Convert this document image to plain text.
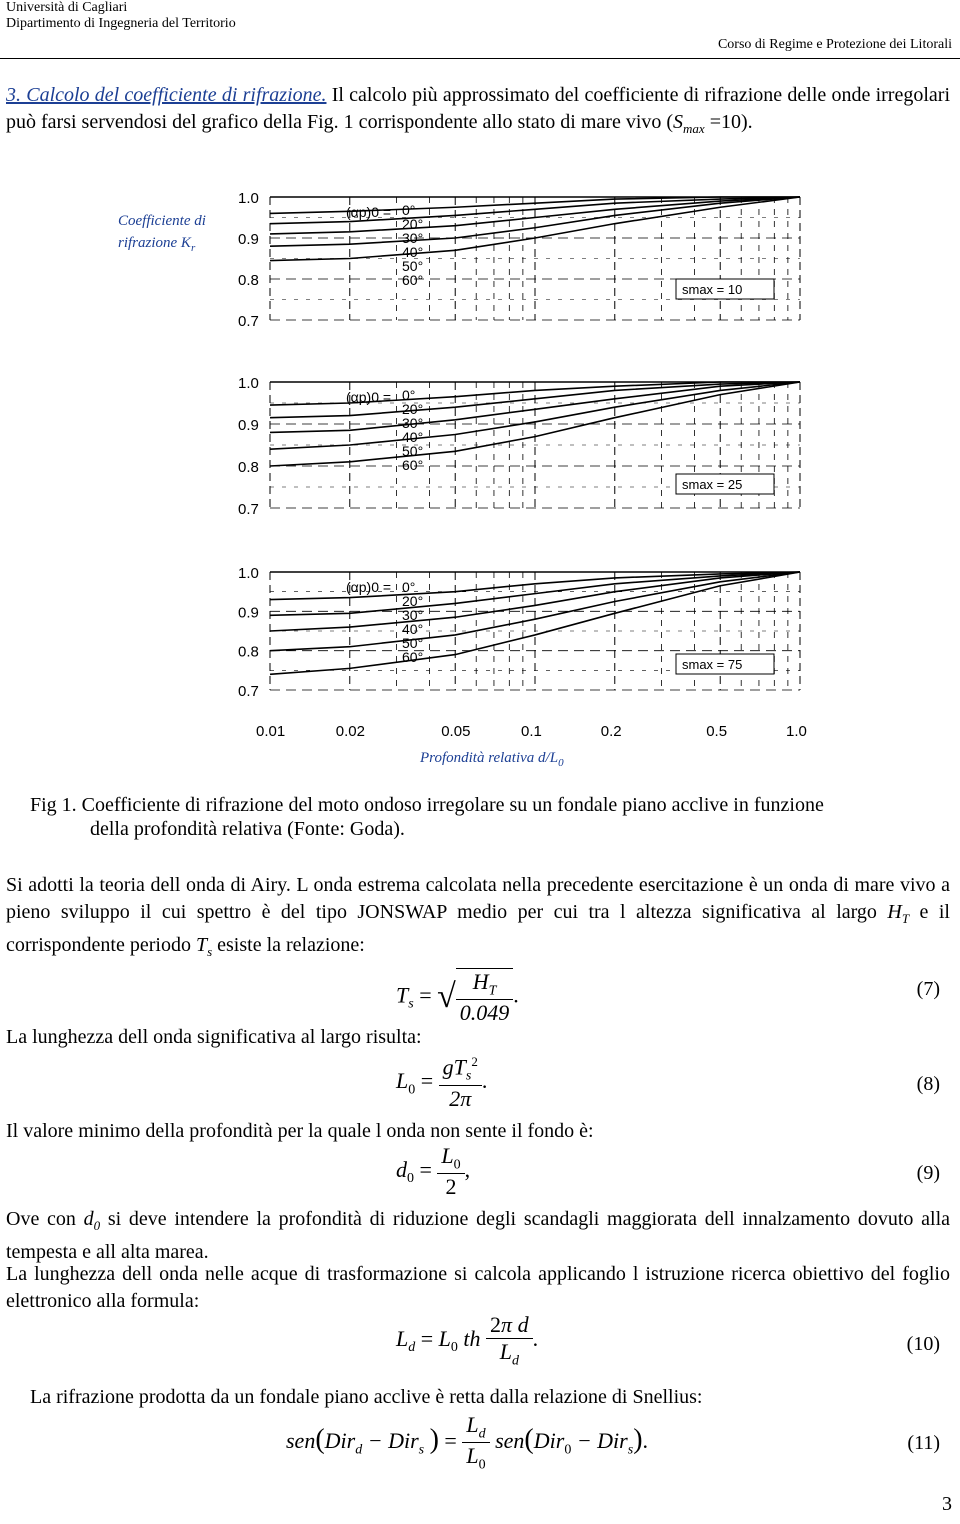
Università di Cagliari
Dipartimento di Ingegneria del Territorio
Corso di Regime e Protezione dei Litorali
3. Calcolo del coefficiente di rifrazione. Il calcolo più approssimato del coefficiente di rifrazione delle onde irregolari può farsi servendosi del grafico della Fig. 1 corrispondente allo stato di mare vivo $(S_{max} =10)$.
Coefficiente di
rifrazione $K_r$
1.0
0.9
0.8
0.7
0°
20°
30°
40°
50°
60°
(αp)0 =
smax = 10
1.0
0.9
0.8
0.7
0°
20°
30°
40°
50°
60°
(αp)0 =
smax = 25
1.0
0.9
0.8
0.7
0°
20°
30°
40°
50°
60°
(αp)0 =
smax = 75
0.01	0.02	0.05	0.1	0.2	0.5	1.0
Profondità relativa $d/L_0$
Fig 1. Coefficiente di rifrazione del moto ondoso irregolare su un fondale piano acclive in funzione
della profondità relativa (Fonte: Goda).
Si adotti la teoria dell onda di Airy. L onda estrema calcolata nella precedente esercitazione è un onda di mare vivo a pieno sviluppo il cui spettro è del tipo JONSWAP medio per cui tra l altezza significativa al largo $H_T$ e il corrispondente periodo $T_s$ esiste la relazione:
$T_s$ = √ $\frac{H_T}{0.049}$ .	(7)
La lunghezza dell onda significativa al largo risulta:
$L_0 = \frac{gT_s^2}{2\pi}$ .	(8)
Il valore minimo della profondità per la quale l onda non sente il fondo è:
$d_0 = \frac{L_0}{2}$ ,	(9)
Ove con $d_0$ si deve intendere la profondità di riduzione degli scandagli maggiorata dell innalzamento dovuto alla tempesta e all alta marea.
La lunghezza dell onda nelle acque di trasformazione si calcola applicando l istruzione ricerca obiettivo del foglio elettronico alla formula:
$L_d = L_0$ th $\frac{\text{2π d}}{L_d}$ .	(10)
La rifrazione prodotta da un fondale piano acclive è retta dalla relazione di Snellius:
sen(Dir$_d$ − Dir$_s$ ) = $\frac{L_d}{L_0} sen(Dir_0 - Dir_s)$.	(11)
3
